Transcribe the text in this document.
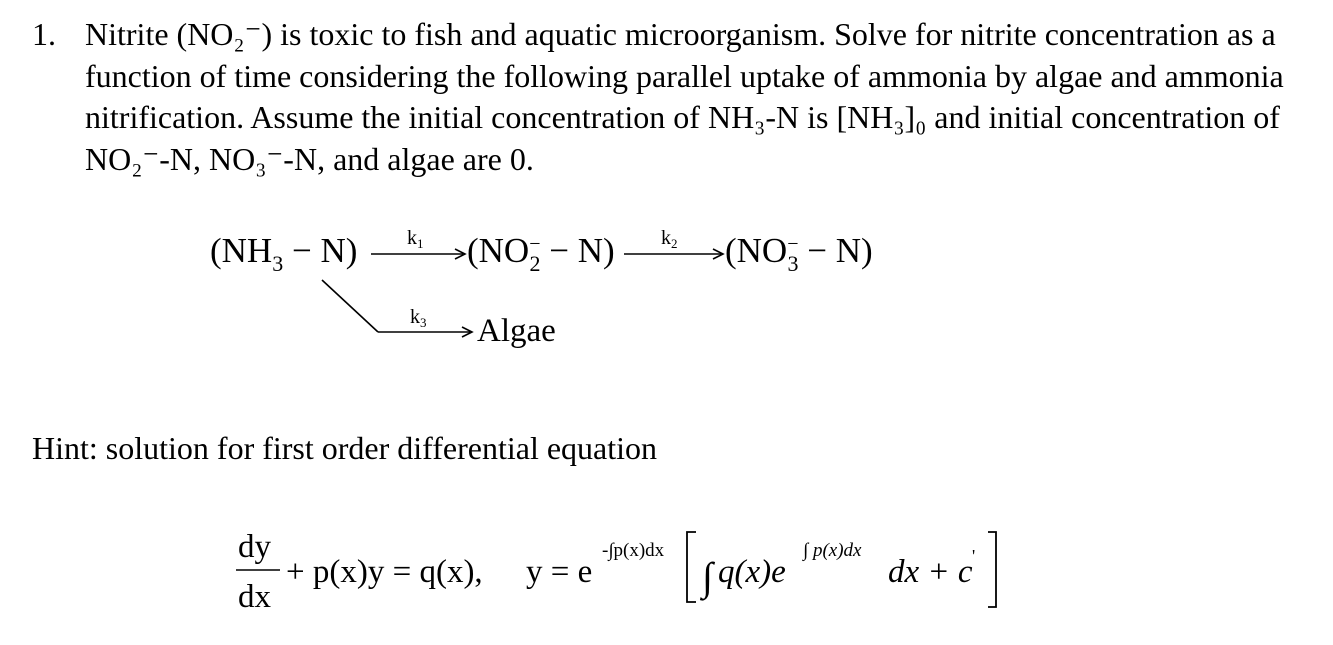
1. Nitrite (NO₂⁻) is toxic to fish and aquatic microorganism. Solve for nitrite concentration as a function of time considering the following parallel uptake of ammonia by algae and ammonia nitrification. Assume the initial concentration of NH₃-N is [NH₃]₀ and initial concentration of NO₂⁻-N, NO₃⁻-N, and algae are 0.
$(NH_3 - N)$ $k_1$ (NO− 2 − N) $k_2$ (NO− 3 − N)
$k_3$ Algae
Hint: solution for first order differential equation
dy
dx
+ p(x)y = q(x), y = e
-∫p(x)dx
∫ q(x)e
∫ p(x)dx
dx + c '
